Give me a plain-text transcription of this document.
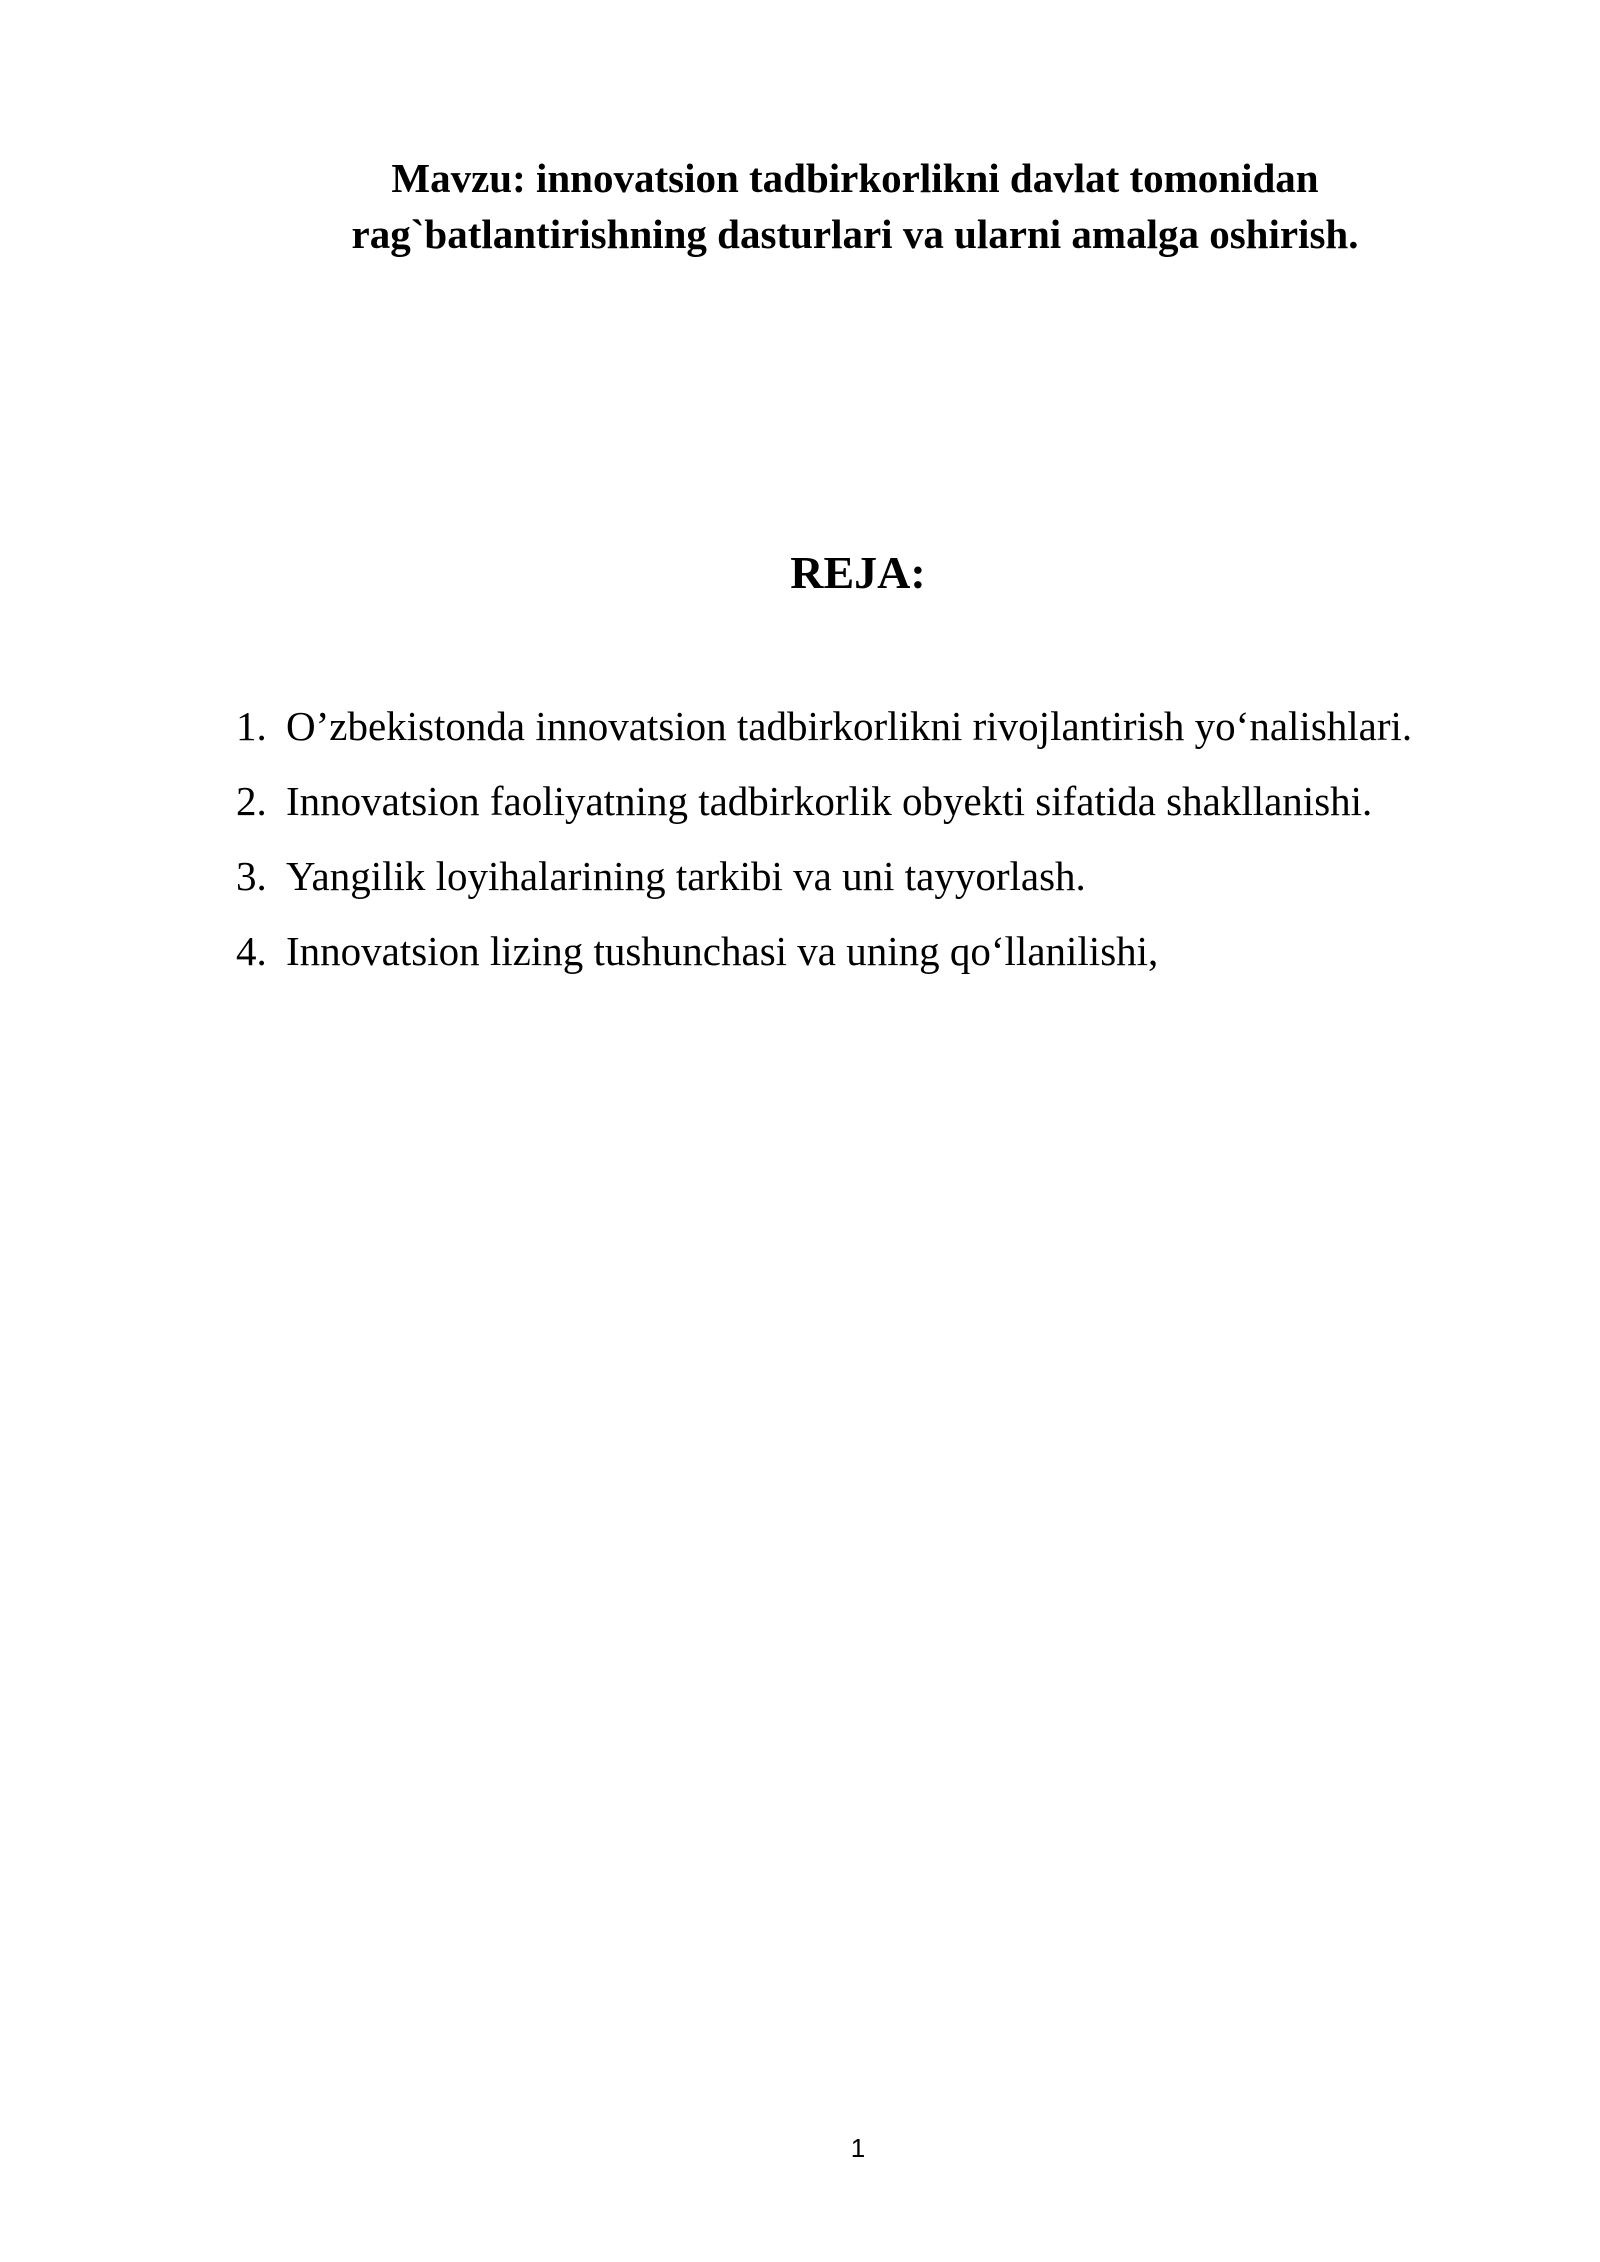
Mavzu: innovatsion tadbirkorlikni davlat tomonidan
rag`batlantirishning dasturlari va ularni amalga oshirish.
REJA:
1. O’zbekistonda innovatsion tadbirkorlikni rivojlantirish yo‘nalishlari.
2. Innovatsion faoliyatning tadbirkorlik obyekti sifatida shakllanishi.
3. Yangilik loyihalarining tarkibi va uni tayyorlash.
4. Innovatsion lizing tushunchasi va uning qo‘llanilishi,
1
